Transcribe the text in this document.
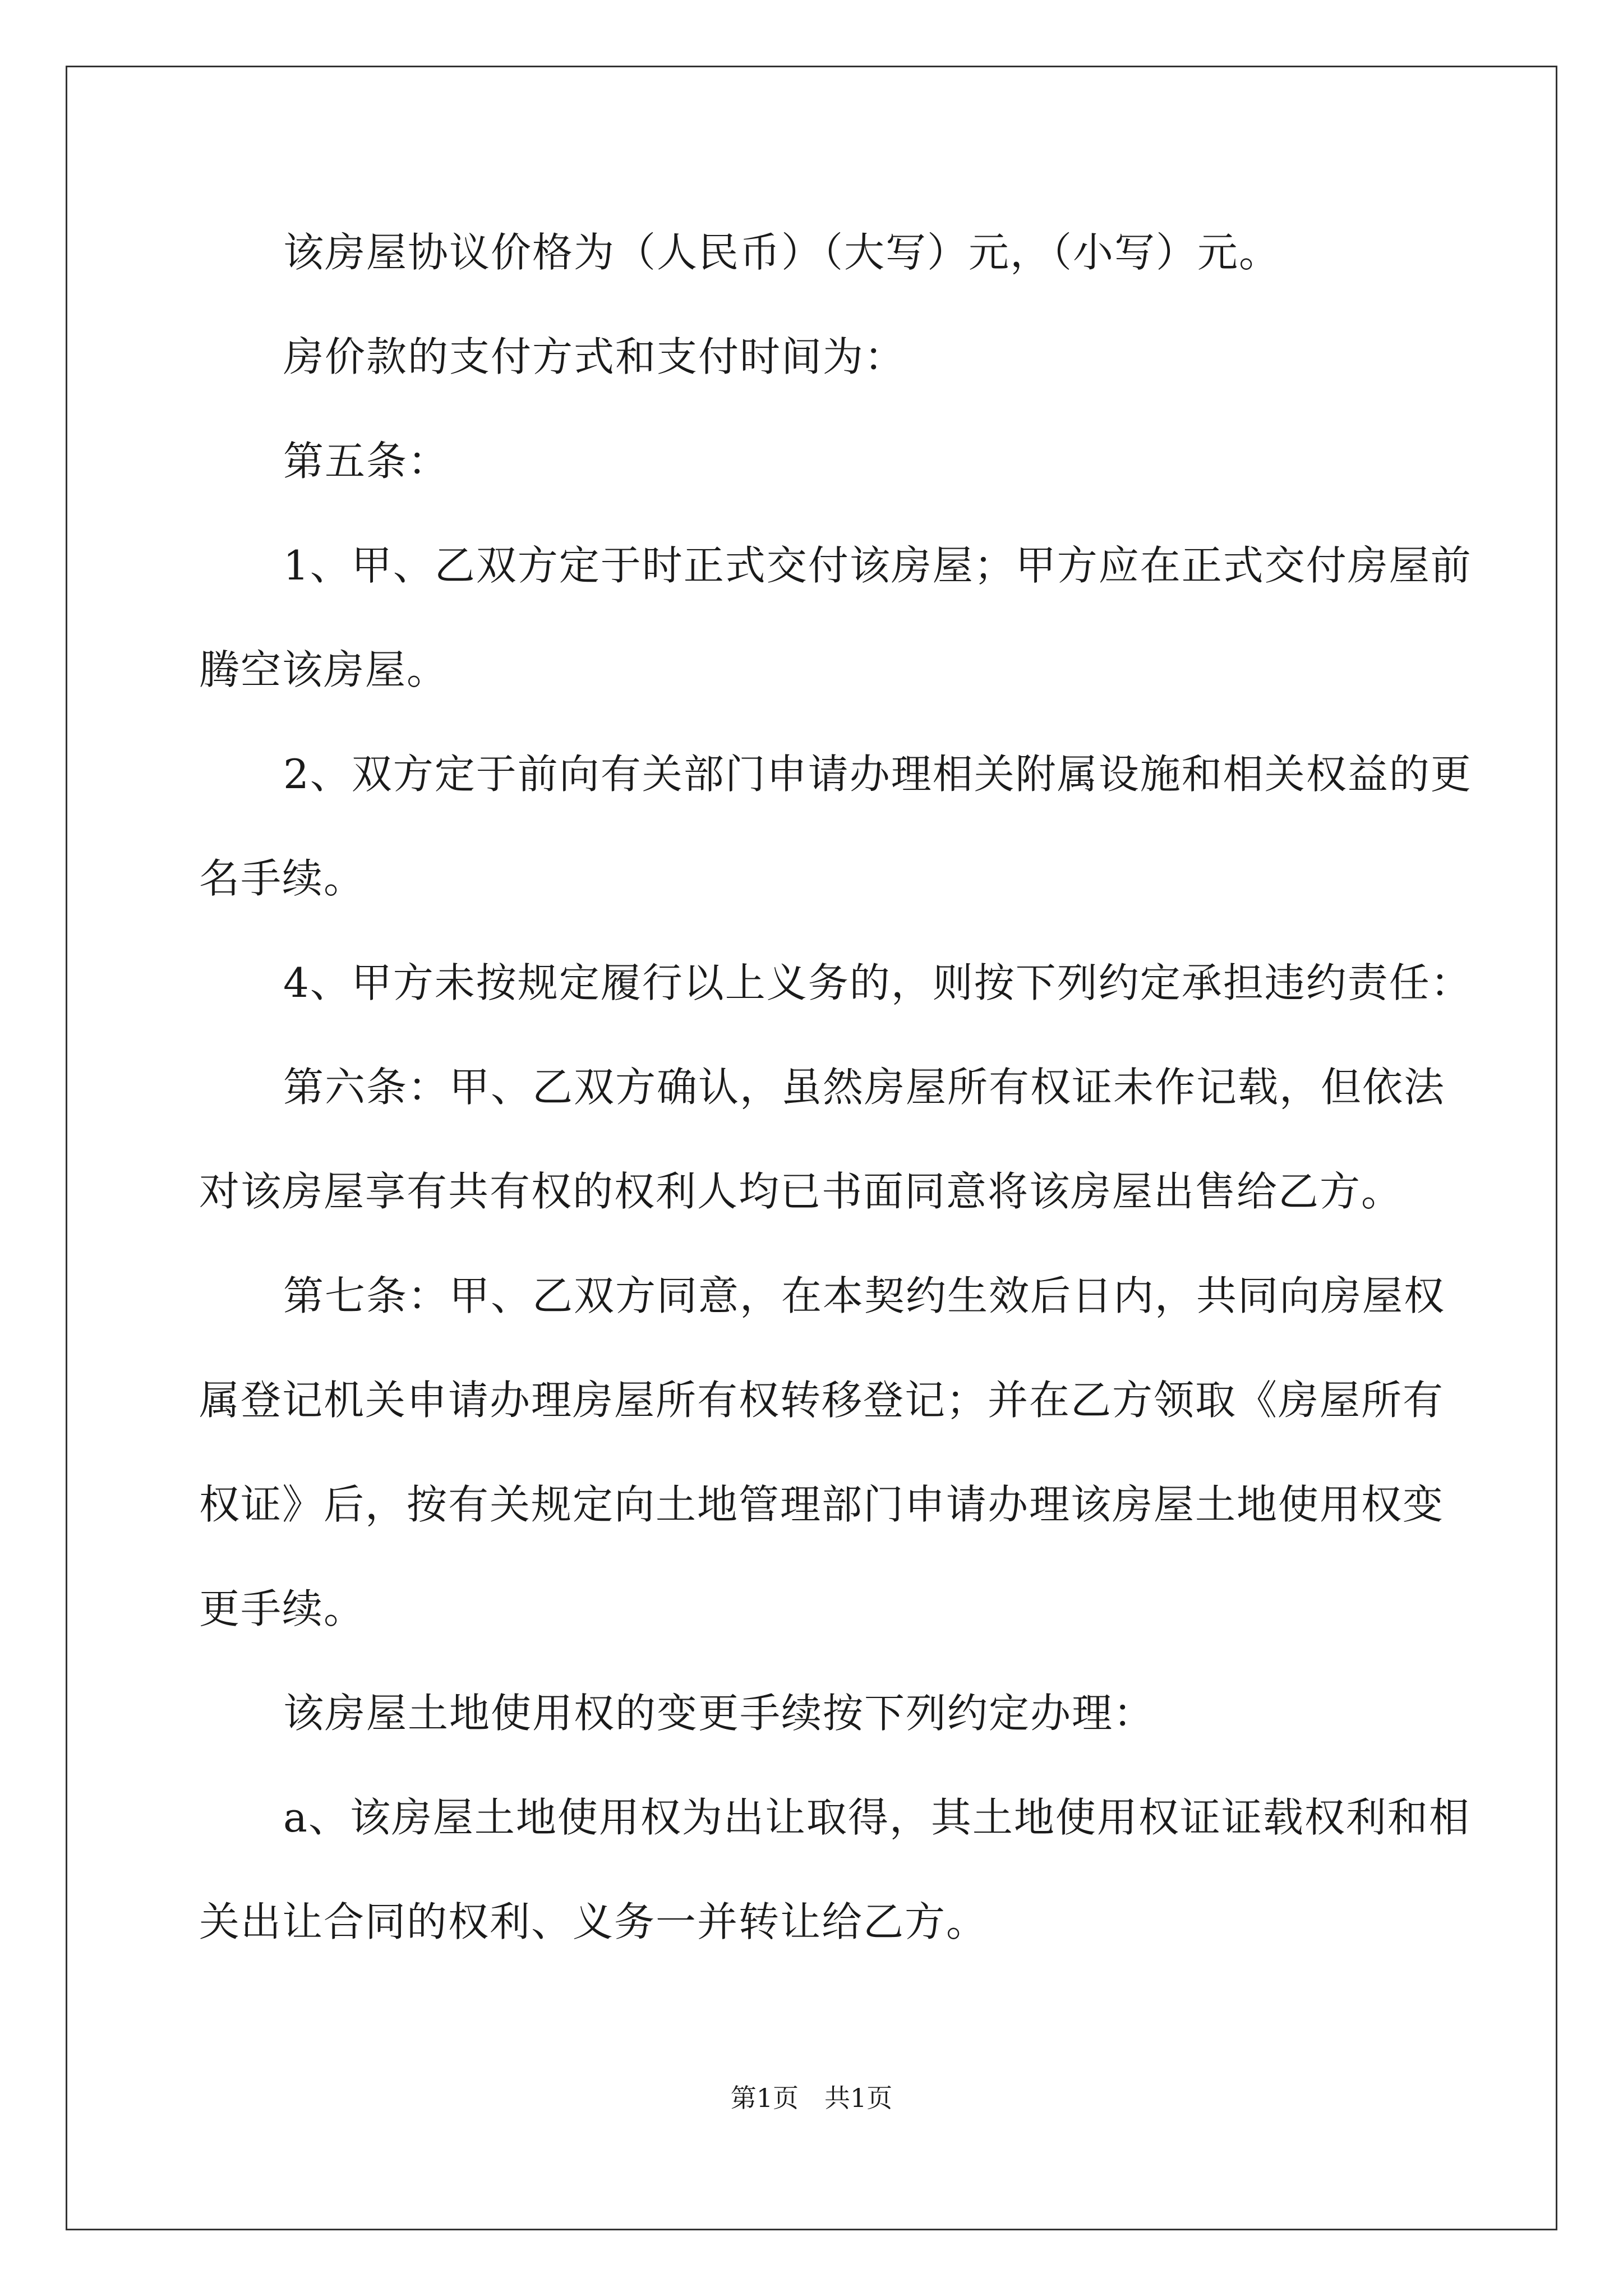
该房屋协议价格为（人民币）（大写）元，（小写）元。
房价款的支付方式和支付时间为：
第五条：
1、甲、乙双方定于时正式交付该房屋；甲方应在正式交付房屋前
腾空该房屋。
2、双方定于前向有关部门申请办理相关附属设施和相关权益的更
名手续。
4、甲方未按规定履行以上义务的，则按下列约定承担违约责任：
第六条：甲、乙双方确认，虽然房屋所有权证未作记载，但依法
对该房屋享有共有权的权利人均已书面同意将该房屋出售给乙方。
第七条：甲、乙双方同意，在本契约生效后日内，共同向房屋权
属登记机关申请办理房屋所有权转移登记；并在乙方领取《房屋所有
权证》后，按有关规定向土地管理部门申请办理该房屋土地使用权变
更手续。
该房屋土地使用权的变更手续按下列约定办理：
a、该房屋土地使用权为出让取得，其土地使用权证证载权利和相
关出让合同的权利、义务一并转让给乙方。
第1页　共1页
